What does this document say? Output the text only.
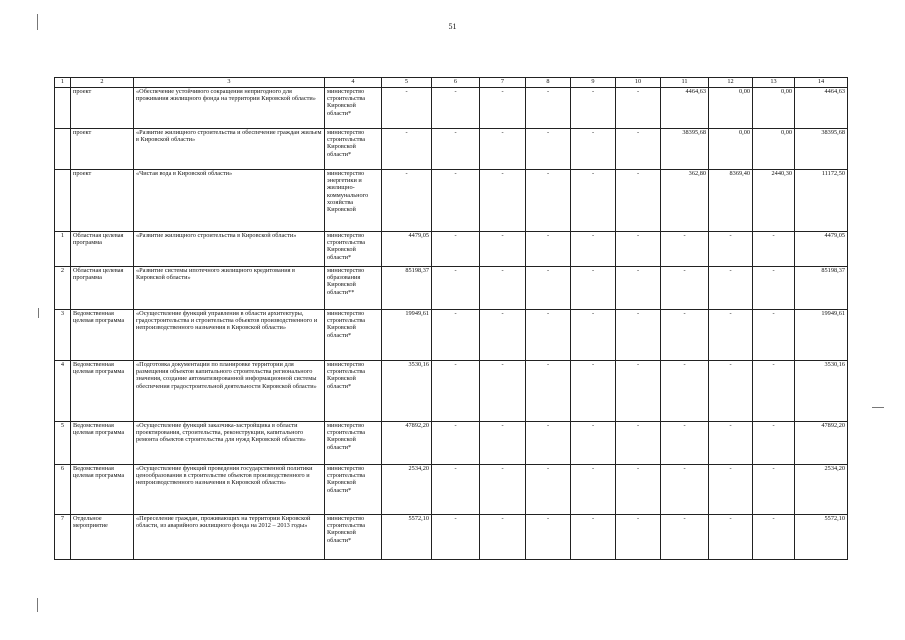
51
1	2	3	4	5	6	7	8	9	10	11	12	13	14
	проект	«Обеспечение устойчивого сокращения непригодного для проживания жилищного фонда на территории Кировской области»	министерство строительства Кировской области*	-	-	-	-	-	-	4464,63	0,00	0,00	4464,63
	проект	«Развитие жилищного строительства и обеспечение граждан жильем в Кировской области»	министерство строительства Кировской области*	-	-	-	-	-	-	38395,68	0,00	0,00	38395,68
	проект	«Чистая вода в Кировской области»	министерство энергетики и жилищно-коммунального хозяйства Кировской	-	-	-	-	-	-	362,80	8369,40	2440,30	11172,50
1	Областная целевая программа	«Развитие жилищного строительства в Кировской области»	министерство строительства Кировской области*	4479,05	-	-	-	-	-	-	-	-	4479,05
2	Областная целевая программа	«Развитие системы ипотечного жилищного кредитования в Кировской области»	министерство образования Кировской области**	85198,37	-	-	-	-	-	-	-	-	85198,37
3	Ведомственная целевая программа	«Осуществление функций управления в области архитектуры, градостроительства и строительства объектов производственного и непроизводственного назначения в Кировской области»	министерство строительства Кировской области*	19949,61	-	-	-	-	-	-	-	-	19949,61
4	Ведомственная целевая программа	«Подготовка документации по планировке территории для размещения объектов капитального строительства регионального значения, создание автоматизированной информационной системы обеспечения градостроительной деятельности Кировской области»	министерство строительства Кировской области*	3530,16	-	-	-	-	-	-	-	-	3530,16
5	Ведомственная целевая программа	«Осуществление функций заказчика-застройщика в области проектирования, строительства, реконструкции, капитального ремонта объектов строительства для нужд Кировской области»	министерство строительства Кировской области*	47892,20	-	-	-	-	-	-	-	-	47892,20
6	Ведомственная целевая программа	«Осуществление функций проведения государственной политики ценообразования в строительстве объектов производственного и непроизводственного назначения в Кировской области»	министерство строительства Кировской области*	2534,20	-	-	-	-	-	-	-	-	2534,20
7	Отдельное мероприятие	«Переселение граждан, проживающих на территории Кировской области, из аварийного жилищного фонда на 2012 – 2013 годы»	министерство строительства Кировской области*	5572,10	-	-	-	-	-	-	-	-	5572,10
